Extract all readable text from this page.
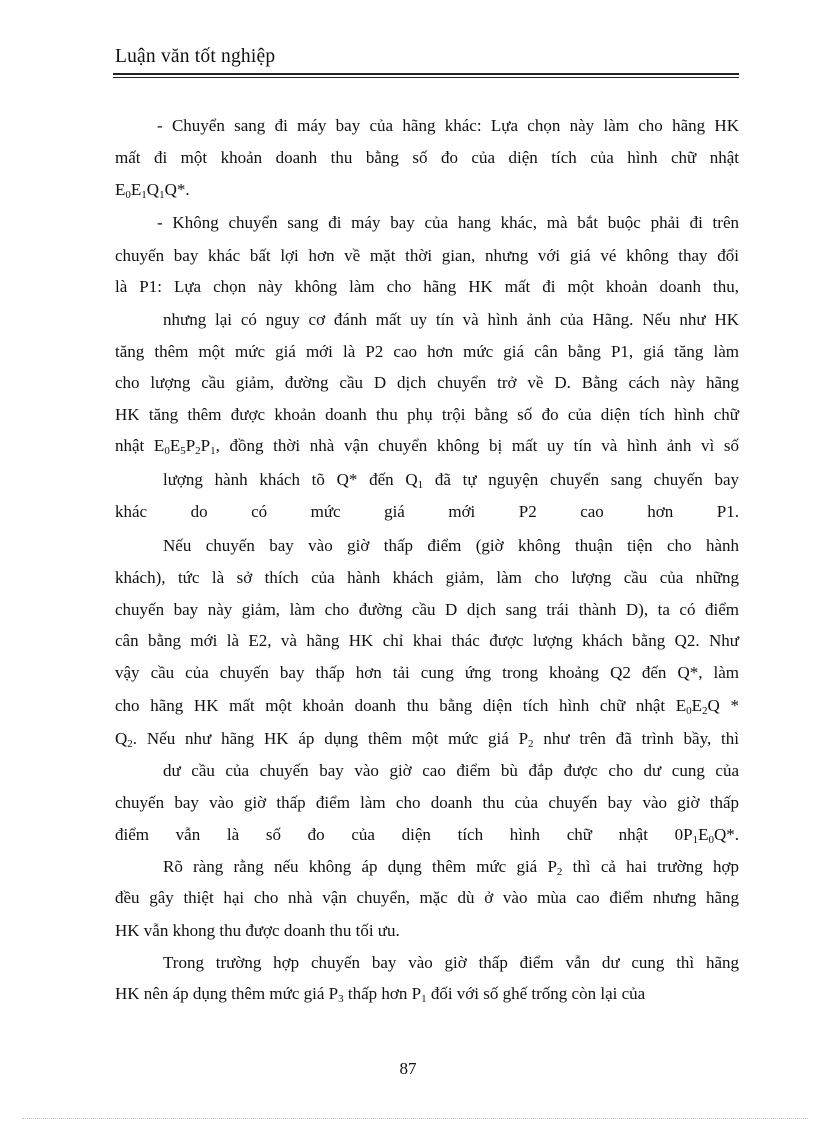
Luận văn tốt nghiệp
- Chuyển sang đi máy bay của hãng khác: Lựa chọn này làm cho hãng HK
mất đi một khoản doanh thu bằng số đo của diện tích của hình chữ nhật
$E_0E_1Q_1Q*$.
- Không chuyển sang đi máy bay của hang khác, mà bắt buộc phải đi trên
chuyến bay khác bất lợi hơn về mặt thời gian, nhưng với giá vé không thay đổi
là P1: Lựa chọn này không làm cho hãng HK mất đi một khoản doanh thu,
nhưng lại có nguy cơ đánh mất uy tín và hình ảnh của Hãng. Nếu như HK
tăng thêm một mức giá mới là P2 cao hơn mức giá cân bằng P1, giá tăng làm
cho lượng cầu giảm, đường cầu D dịch chuyển trở về D. Bằng cách này hãng
HK tăng thêm được khoản doanh thu phụ trội bằng số đo của diện tích hình chữ
nhật $E_0E_5P_2P_1$, đồng thời nhà vận chuyển không bị mất uy tín và hình ảnh vì số
lượng hành khách tõ Q* đến $Q_1$ đã tự nguyện chuyển sang chuyến bay
khác do có mức giá mới P2 cao hơn P1.
Nếu chuyến bay vào giờ thấp điểm (giờ không thuận tiện cho hành
khách), tức là sở thích của hành khách giảm, làm cho lượng cầu của những
chuyến bay này giảm, làm cho đường cầu D dịch sang trái thành D), ta có điểm
cân bằng mới là E2, và hãng HK chỉ khai thác được lượng khách bằng Q2. Như
vậy cầu của chuyến bay thấp hơn tải cung ứng trong khoảng Q2 đến Q*, làm
cho hãng HK mất một khoản doanh thu bằng diện tích hình chữ nhật $E_0E_2Q$ *
$Q_2$. Nếu như hãng HK áp dụng thêm một mức giá $P_2$ như trên đã trình bầy, thì
dư cầu của chuyến bay vào giờ cao điểm bù đắp được cho dư cung của
chuyến bay vào giờ thấp điểm làm cho doanh thu của chuyến bay vào giờ thấp
điểm vẫn là số đo của diện tích hình chữ nhật $0P_1E_0Q*$.
Rõ ràng rằng nếu không áp dụng thêm mức giá $P_2$ thì cả hai trường hợp
đều gây thiệt hại cho nhà vận chuyển, mặc dù ở vào mùa cao điểm nhưng hãng
HK vẫn khong thu được doanh thu tối ưu.
Trong trường hợp chuyến bay vào giờ thấp điểm vẫn dư cung thì hãng
HK nên áp dụng thêm mức giá $P_3$ thấp hơn $P_1$ đối với số ghế trống còn lại của
87
